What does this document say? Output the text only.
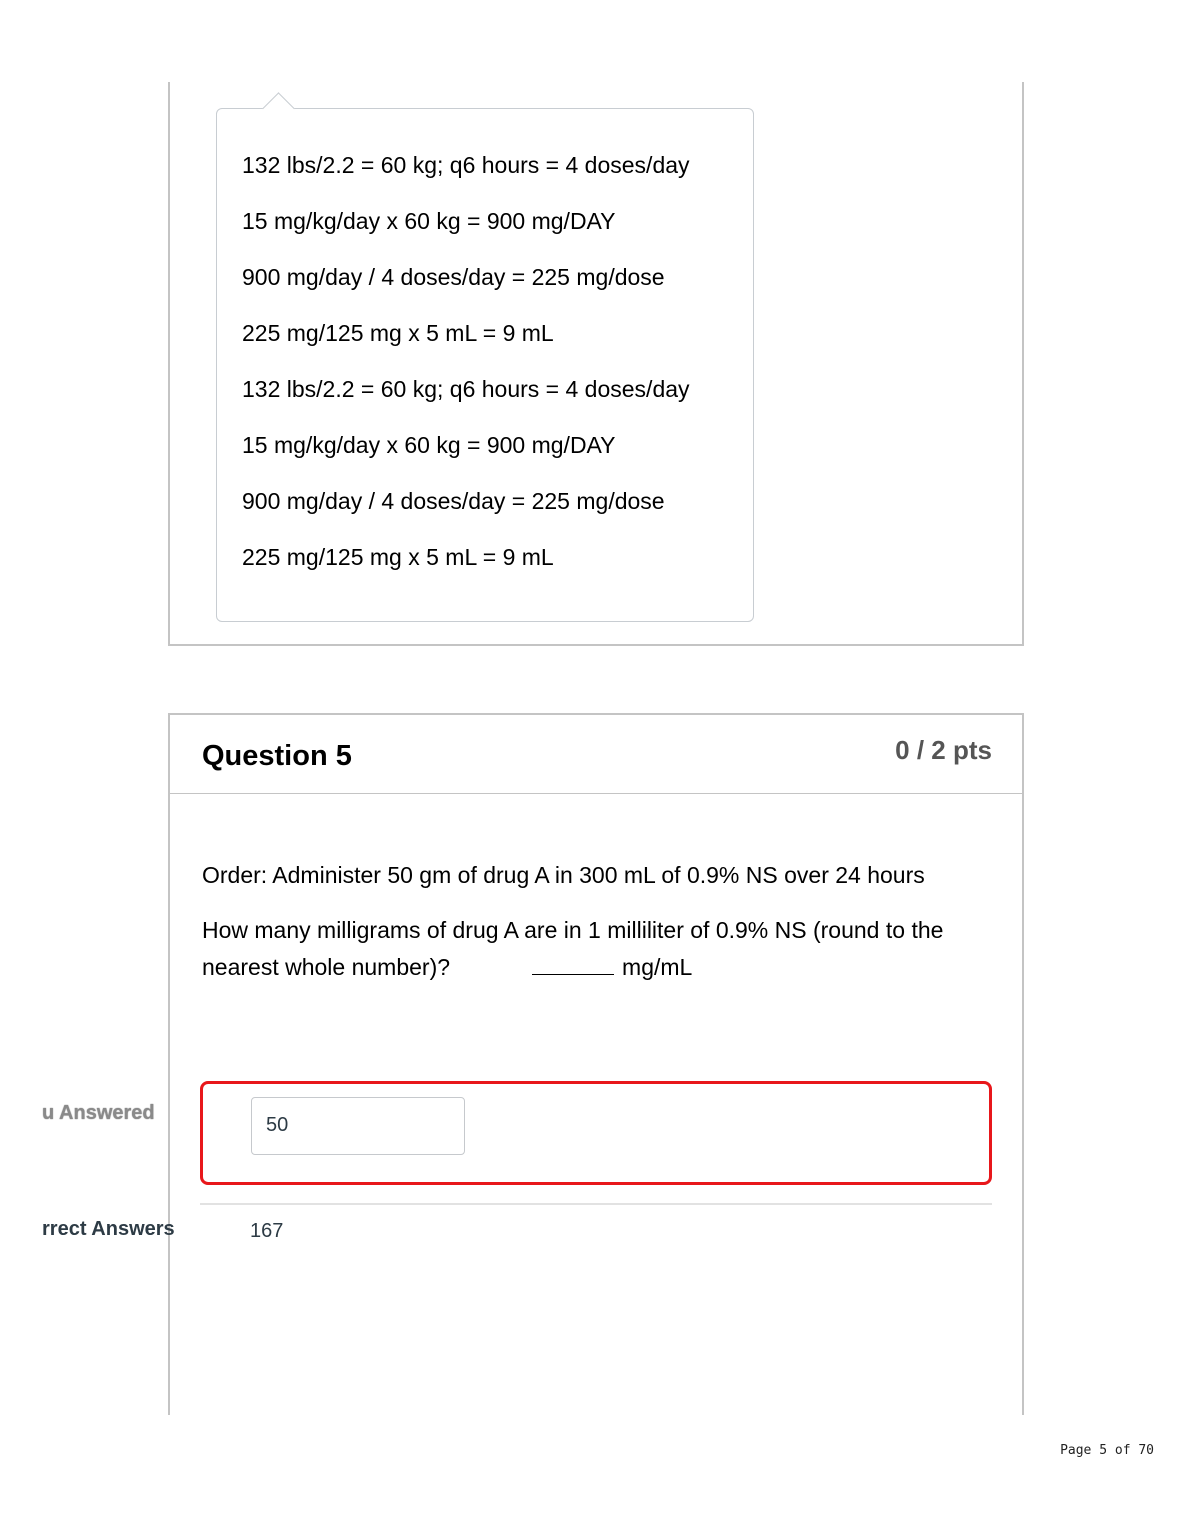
132 lbs/2.2 = 60 kg; q6 hours = 4 doses/day
15 mg/kg/day x 60 kg = 900 mg/DAY
900 mg/day / 4 doses/day = 225 mg/dose
225 mg/125 mg x 5 mL = 9 mL
132 lbs/2.2 = 60 kg; q6 hours = 4 doses/day
15 mg/kg/day x 60 kg = 900 mg/DAY
900 mg/day / 4 doses/day = 225 mg/dose
225 mg/125 mg x 5 mL = 9 mL
Question 5	0 / 2 pts

Order: Administer 50 gm of drug A in 300 mL of 0.9% NS over 24 hours

How many milligrams of drug A are in 1 milliliter of 0.9% NS (round to the nearest whole number)?	mg/mL

50
167
u Answered
rrect Answers
Page 5 of 70
